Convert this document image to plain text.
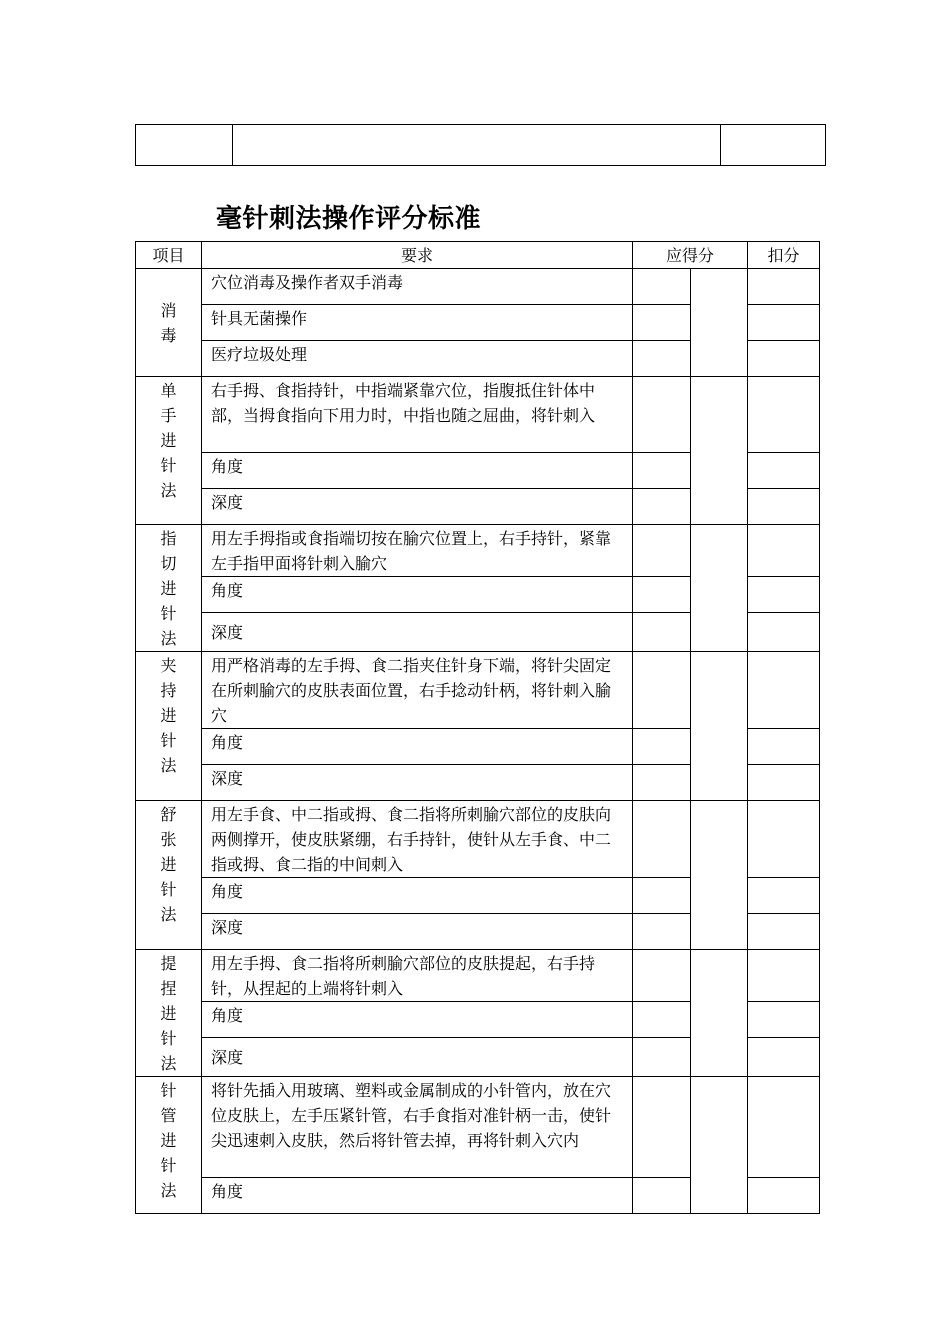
毫针刺法操作评分标准
项目	要求	应得分		扣分
消毒	穴位消毒及操作者双手消毒			

	针具无菌操作			

	医疗垃圾处理			

单手进针法	右手拇、食指持针，中指端紧靠穴位，指腹抵住针体中部，当拇食指向下用力时，中指也随之屈曲，将针刺入			

	角度			

	深度			

指切进针法	用左手拇指或食指端切按在腧穴位置上，右手持针，紧靠左手指甲面将针刺入腧穴			

	角度			

	深度			

夹持进针法	用严格消毒的左手拇、食二指夹住针身下端，将针尖固定在所刺腧穴的皮肤表面位置，右手捻动针柄，将针刺入腧穴			

	角度			

	深度			

舒张进针法	用左手食、中二指或拇、食二指将所刺腧穴部位的皮肤向两侧撑开，使皮肤紧绷，右手持针，使针从左手食、中二指或拇、食二指的中间刺入			

	角度			

	深度			

提捏进针法	用左手拇、食二指将所刺腧穴部位的皮肤提起，右手持针，从捏起的上端将针刺入			

	角度			

	深度			

针管进针法	将针先插入用玻璃、塑料或金属制成的小针管内，放在穴位皮肤上，左手压紧针管，右手食指对准针柄一击，使针尖迅速刺入皮肤，然后将针管去掉，再将针刺入穴内			

	角度			
